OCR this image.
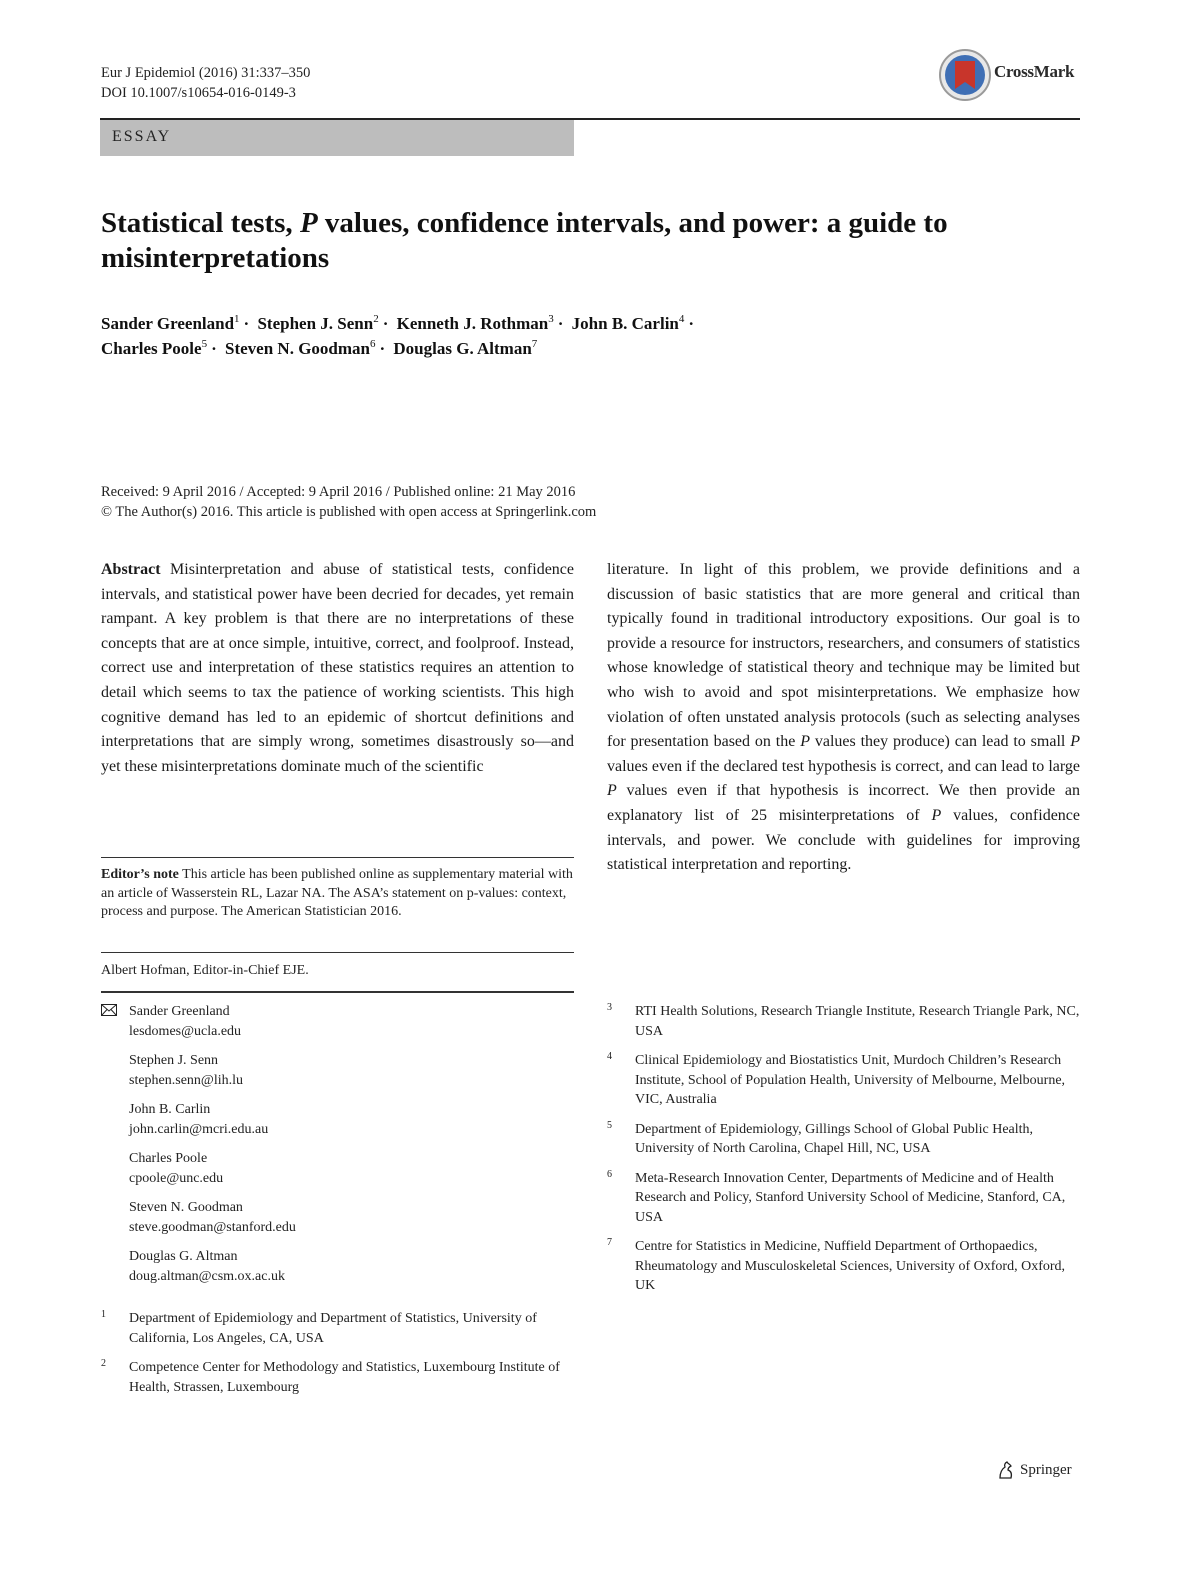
Eur J Epidemiol (2016) 31:337–350
DOI 10.1007/s10654-016-0149-3
CrossMark
ESSAY
Statistical tests, P values, confidence intervals, and power: a guide to misinterpretations
Sander Greenland$^1$ · Stephen J. Senn$^2$ · Kenneth J. Rothman$^3$ · John B. Carlin$^4$ ·
Charles Poole$^5$ · Steven N. Goodman$^6$ · Douglas G. Altman$^7$
Received: 9 April 2016 / Accepted: 9 April 2016 / Published online: 21 May 2016
© The Author(s) 2016. This article is published with open access at Springerlink.com
Abstract Misinterpretation and abuse of statistical tests, confidence intervals, and statistical power have been decried for decades, yet remain rampant. A key problem is that there are no interpretations of these concepts that are at once simple, intuitive, correct, and foolproof. Instead, correct use and interpretation of these statistics requires an attention to detail which seems to tax the patience of working scientists. This high cognitive demand has led to an epidemic of shortcut definitions and interpretations that are simply wrong, sometimes disastrously so—and yet these misinterpretations dominate much of the scientific
literature. In light of this problem, we provide definitions and a discussion of basic statistics that are more general and critical than typically found in traditional introductory expositions. Our goal is to provide a resource for instructors, researchers, and consumers of statistics whose knowledge of statistical theory and technique may be limited but who wish to avoid and spot misinterpretations. We emphasize how violation of often unstated analysis protocols (such as selecting analyses for presentation based on the P values they produce) can lead to small P values even if the declared test hypothesis is correct, and can lead to large P values even if that hypothesis is incorrect. We then provide an explanatory list of 25 misinterpretations of P values, confidence intervals, and power. We conclude with guidelines for improving statistical interpretation and reporting.
Editor’s note This article has been published online as supplementary material with an article of Wasserstein RL, Lazar NA. The ASA’s statement on p-values: context, process and purpose. The American Statistician 2016.
Albert Hofman, Editor-in-Chief EJE.
Sander Greenland
lesdomes@ucla.edu
Stephen J. Senn
stephen.senn@lih.lu
John B. Carlin
john.carlin@mcri.edu.au
Charles Poole
cpoole@unc.edu
Steven N. Goodman
steve.goodman@stanford.edu
Douglas G. Altman
doug.altman@csm.ox.ac.uk
1 Department of Epidemiology and Department of Statistics, University of California, Los Angeles, CA, USA
2 Competence Center for Methodology and Statistics, Luxembourg Institute of Health, Strassen, Luxembourg
3 RTI Health Solutions, Research Triangle Institute, Research Triangle Park, NC, USA
4 Clinical Epidemiology and Biostatistics Unit, Murdoch Children’s Research Institute, School of Population Health, University of Melbourne, Melbourne, VIC, Australia
5 Department of Epidemiology, Gillings School of Global Public Health, University of North Carolina, Chapel Hill, NC, USA
6 Meta-Research Innovation Center, Departments of Medicine and of Health Research and Policy, Stanford University School of Medicine, Stanford, CA, USA
7 Centre for Statistics in Medicine, Nuffield Department of Orthopaedics, Rheumatology and Musculoskeletal Sciences, University of Oxford, Oxford, UK
Springer
